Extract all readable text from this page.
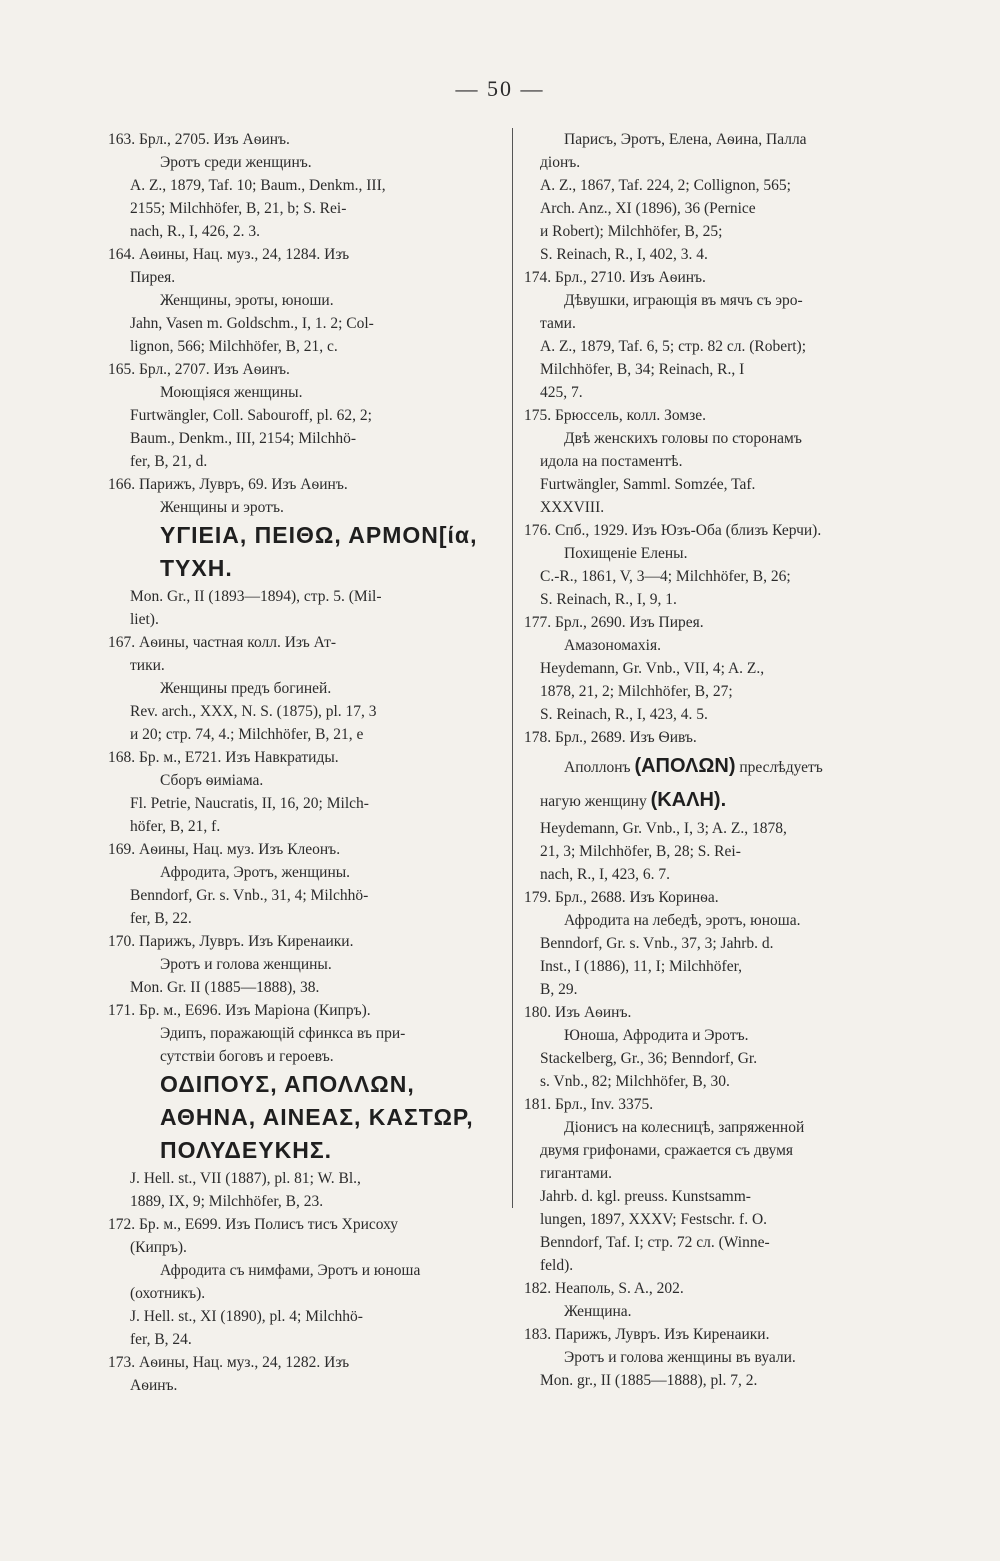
— 50 —
163. Брл., 2705. Изъ Аѳинъ.
Эротъ среди женщинъ.
A. Z., 1879, Taf. 10; Baum., Denkm., III,
2155; Milchhöfer, B, 21, b; S. Rei-
nach, R., I, 426, 2. 3.
164. Аѳины, Нац. муз., 24, 1284. Изъ
Пирея.
Женщины, эроты, юноши.
Jahn, Vasen m. Goldschm., I, 1. 2; Col-
lignon, 566; Milchhöfer, B, 21, c.
165. Брл., 2707. Изъ Аѳинъ.
Моющіяся женщины.
Furtwängler, Coll. Sabouroff, pl. 62, 2;
Baum., Denkm., III, 2154; Milchhö-
fer, B, 21, d.
166. Парижъ, Лувръ, 69. Изъ Аѳинъ.
Женщины и эротъ.
ΥΓΙΕΙΑ, ΠΕΙΘΩ, ΑΡΜΟΝ[ία,
ΤΥΧΗ.
Mon. Gr., II (1893—1894), стр. 5. (Mil-
liet).
167. Аѳины, частная колл. Изъ Ат-
тики.
Женщины предъ богиней.
Rev. arch., XXX, N. S. (1875), pl. 17, 3
и 20; стр. 74, 4.; Milchhöfer, B, 21, e
168. Бр. м., E721. Изъ Навкратиды.
Сборъ ѳиміама.
Fl. Petrie, Naucratis, II, 16, 20; Milch-
höfer, B, 21, f.
169. Аѳины, Нац. муз. Изъ Клеонъ.
Афродита, Эротъ, женщины.
Benndorf, Gr. s. Vnb., 31, 4; Milchhö-
fer, B, 22.
170. Парижъ, Лувръ. Изъ Киренаики.
Эротъ и голова женщины.
Mon. Gr. II (1885—1888), 38.
171. Бр. м., E696. Изъ Маріона (Кипръ).
Эдипъ, поражающій сфинкса въ при-
сутствіи боговъ и героевъ.
ΟΔΙΠΟΥΣ, ΑΠΟΛΛΩΝ,
ΑΘΗΝΑ, ΑΙΝΕΑΣ, ΚΑΣΤΩΡ,
ΠΟΛΥΔΕΥΚΗΣ.
J. Hell. st., VII (1887), pl. 81; W. Bl.,
1889, IX, 9; Milchhöfer, B, 23.
172. Бр. м., E699. Изъ Полисъ тисъ Хрисоху
(Кипръ).
Афродита съ нимфами, Эротъ и юноша
(охотникъ).
J. Hell. st., XI (1890), pl. 4; Milchhö-
fer, B, 24.
173. Аѳины, Нац. муз., 24, 1282. Изъ
Аѳинъ.
Парисъ, Эротъ, Елена, Аѳина, Палла
діонъ.
A. Z., 1867, Taf. 224, 2; Collignon, 565;
Arch. Anz., XI (1896), 36 (Pernice
и Robert); Milchhöfer, B, 25;
S. Reinach, R., I, 402, 3. 4.
174. Брл., 2710. Изъ Аѳинъ.
Дѣвушки, играющія въ мячъ съ эро-
тами.
A. Z., 1879, Taf. 6, 5; стр. 82 сл. (Robert);
Milchhöfer, B, 34; Reinach, R., I
425, 7.
175. Брюссель, колл. Зомзе.
Двѣ женскихъ головы по сторонамъ
идола на постаментѣ.
Furtwängler, Samml. Somzée, Taf.
XXXVIII.
176. Спб., 1929. Изъ Юзъ-Оба (близъ Керчи).
Похищеніе Елены.
С.-R., 1861, V, 3—4; Milchhöfer, B, 26;
S. Reinach, R., I, 9, 1.
177. Брл., 2690. Изъ Пирея.
Амазономахія.
Heydemann, Gr. Vnb., VII, 4; A. Z.,
1878, 21, 2; Milchhöfer, B, 27;
S. Reinach, R., I, 423, 4. 5.
178. Брл., 2689. Изъ Ѳивъ.
Аполлонъ (ΑΠΟΛΩΝ) преслѣдуетъ
нагую женщину (ΚΑΛΗ).
Heydemann, Gr. Vnb., I, 3; A. Z., 1878,
21, 3; Milchhöfer, B, 28; S. Rei-
nach, R., I, 423, 6. 7.
179. Брл., 2688. Изъ Коринѳа.
Афродита на лебедѣ, эротъ, юноша.
Benndorf, Gr. s. Vnb., 37, 3; Jahrb. d.
Inst., I (1886), 11, I; Milchhöfer,
B, 29.
180. Изъ Аѳинъ.
Юноша, Афродита и Эротъ.
Stackelberg, Gr., 36; Benndorf, Gr.
s. Vnb., 82; Milchhöfer, B, 30.
181. Брл., Inv. 3375.
Діонисъ на колесницѣ, запряженной
двумя грифонами, сражается съ двумя
гигантами.
Jahrb. d. kgl. preuss. Kunstsamm-
lungen, 1897, XXXV; Festschr. f. O.
Benndorf, Taf. I; стр. 72 сл. (Winne-
feld).
182. Неаполь, S. A., 202.
Женщина.
183. Парижъ, Лувръ. Изъ Киренаики.
Эротъ и голова женщины въ вуали.
Mon. gr., II (1885—1888), pl. 7, 2.
